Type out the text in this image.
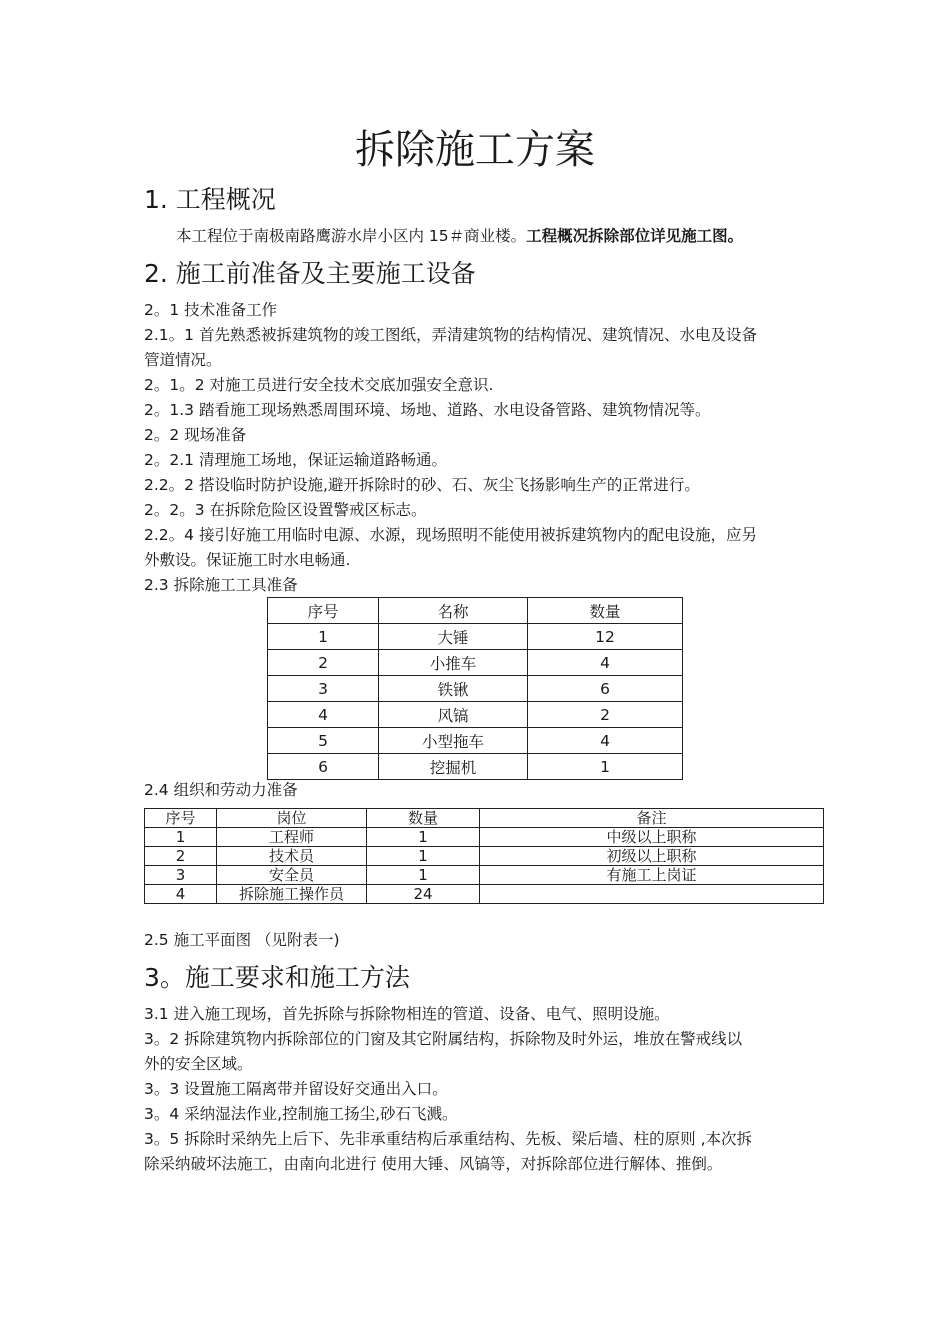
拆除施工方案
1. 工程概况
本工程位于南极南路鹰游水岸小区内 15＃商业楼。工程概况拆除部位详见施工图。
2. 施工前准备及主要施工设备
2。1 技术准备工作
2.1。1 首先熟悉被拆建筑物的竣工图纸，弄清建筑物的结构情况、建筑情况、水电及设备
管道情况。
2。1。2 对施工员进行安全技术交底加强安全意识.
2。1.3 踏看施工现场熟悉周围环境、场地、道路、水电设备管路、建筑物情况等。
2。2 现场准备
2。2.1 清理施工场地，保证运输道路畅通。
2.2。2 搭设临时防护设施,避开拆除时的砂、石、灰尘飞扬影响生产的正常进行。
2。2。3 在拆除危险区设置警戒区标志。
2.2。4 接引好施工用临时电源、水源，现场照明不能使用被拆建筑物内的配电设施，应另
外敷设。保证施工时水电畅通.
2.3 拆除施工工具准备
序号	名称	数量
1	大锤	12
2	小推车	4
3	铁锹	6
4	风镐	2
5	小型拖车	4
6	挖掘机	1
2.4 组织和劳动力准备
序号	岗位	数量	备注
1	工程师	1	中级以上职称
2	技术员	1	初级以上职称
3	安全员	1	有施工上岗证
4	拆除施工操作员	24	
2.5 施工平面图 （见附表一)
3。施工要求和施工方法
3.1 进入施工现场，首先拆除与拆除物相连的管道、设备、电气、照明设施。
3。2 拆除建筑物内拆除部位的门窗及其它附属结构，拆除物及时外运，堆放在警戒线以
外的安全区域。
3。3 设置施工隔离带并留设好交通出入口。
3。4 采纳湿法作业,控制施工扬尘,砂石飞溅。
3。5 拆除时采纳先上后下、先非承重结构后承重结构、先板、梁后墙、柱的原则 ,本次拆
除采纳破坏法施工，由南向北进行 使用大锤、风镐等，对拆除部位进行解体、推倒。
